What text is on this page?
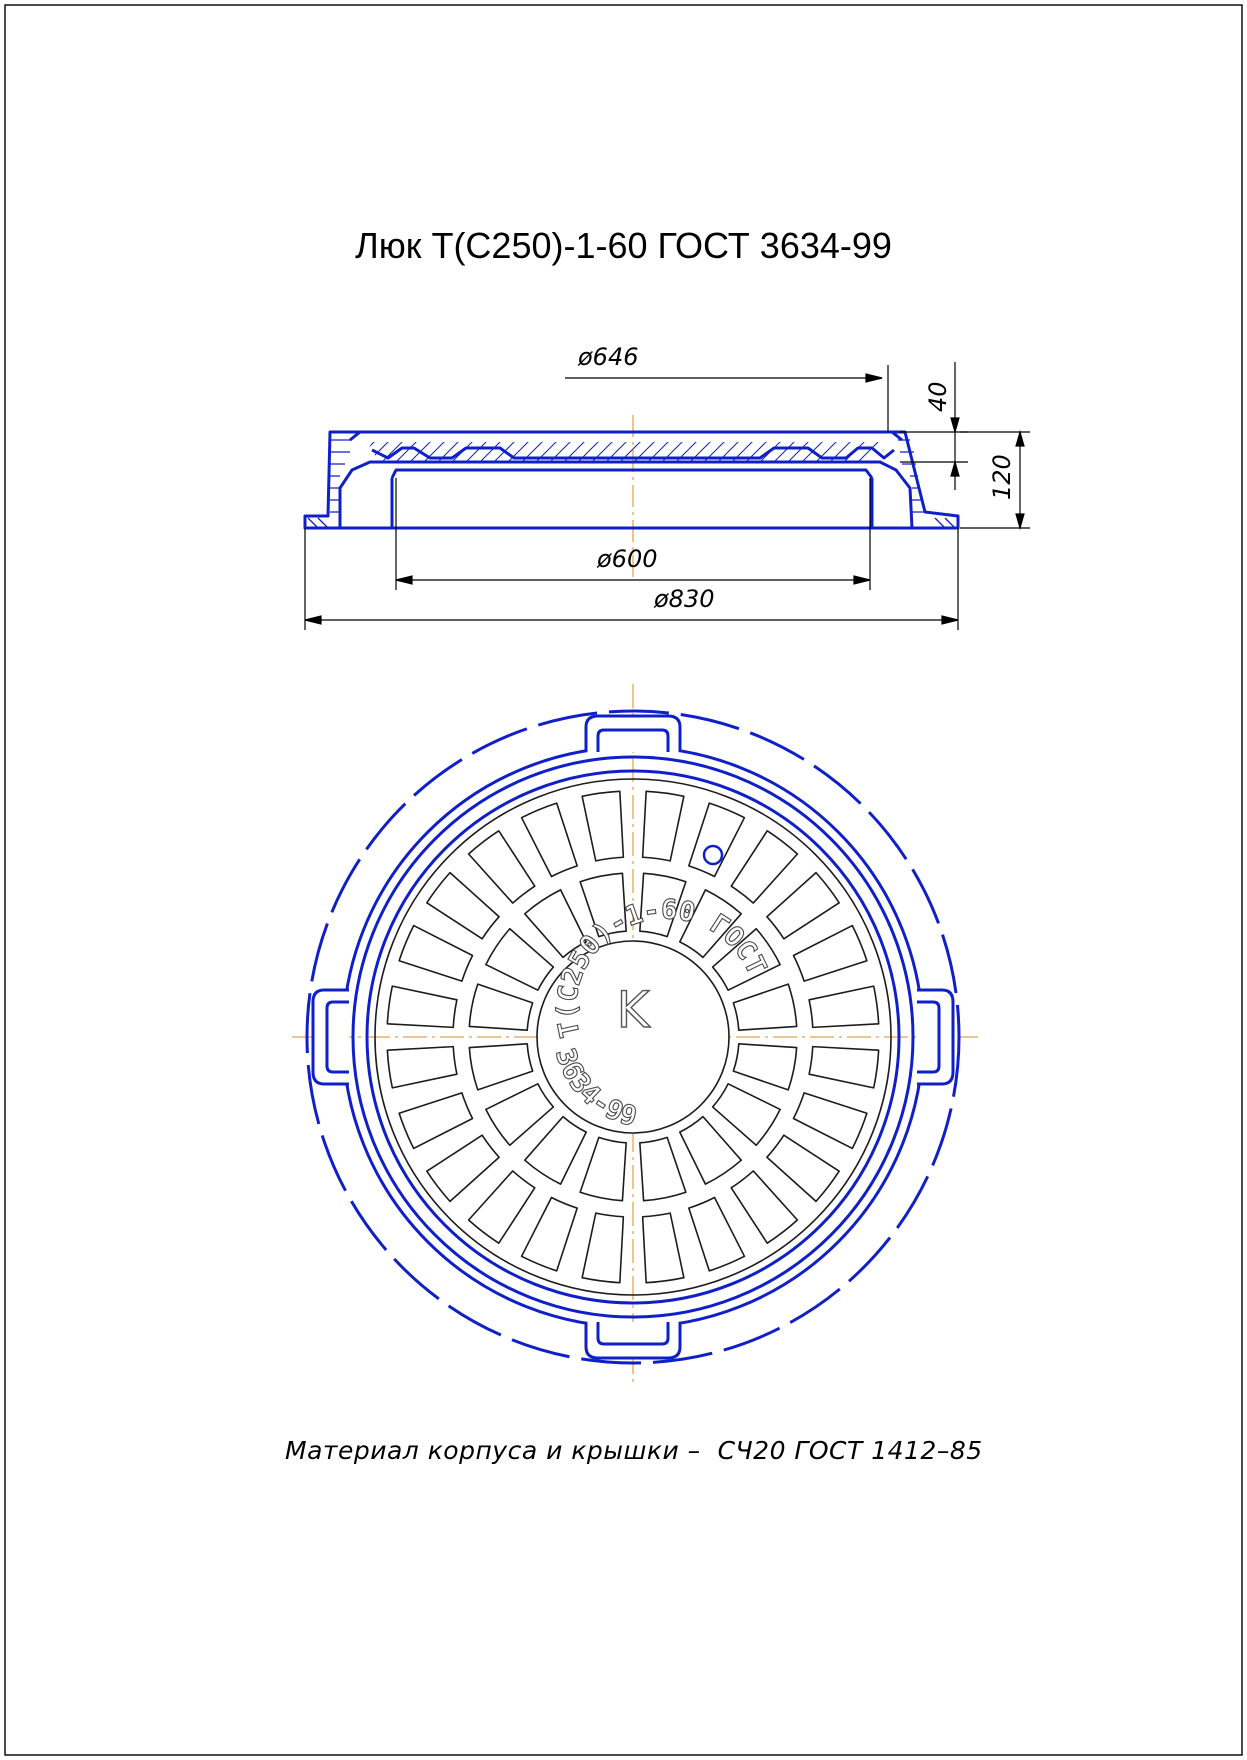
ø646
40
120
ø600
ø830
Т(С250)-1-60 ГОСТ
3634-99
K
Люк Т(С250)-1-60 ГОСТ 3634-99
Материал корпуса и крышки –  СЧ20 ГОСТ 1412–85
